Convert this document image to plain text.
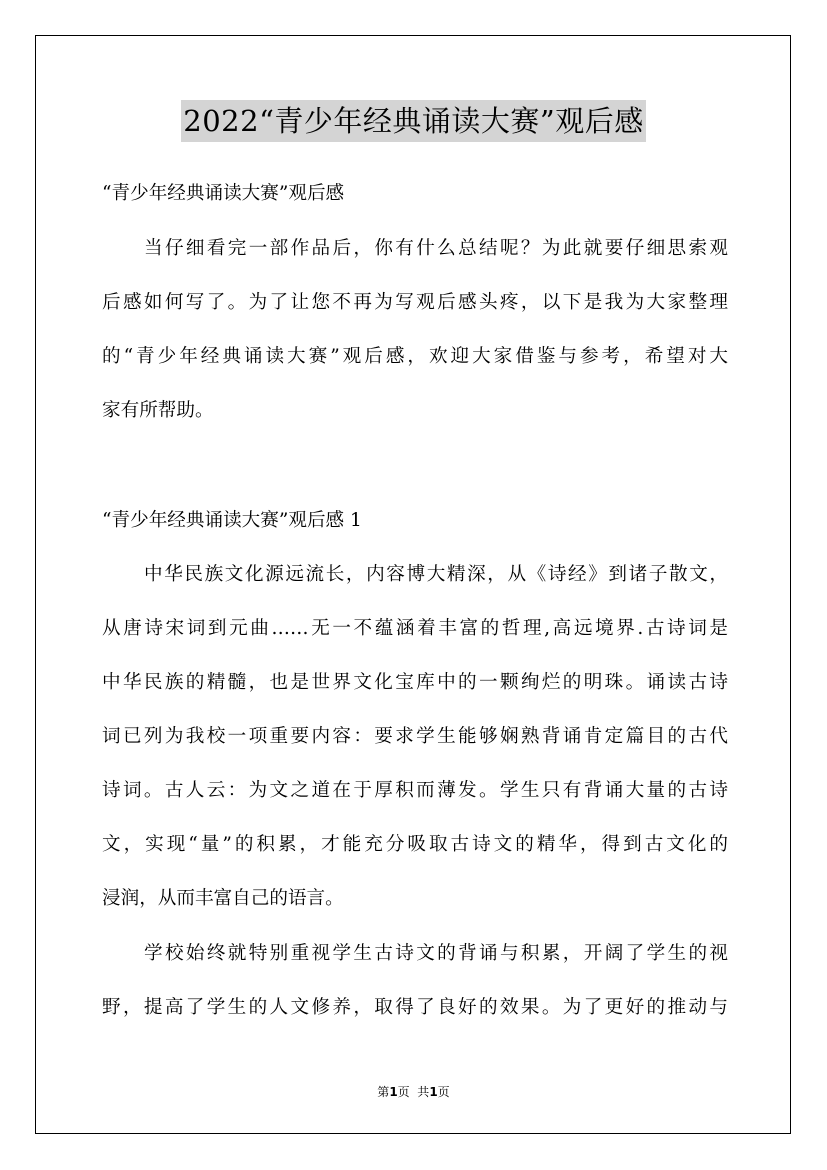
2022“青少年经典诵读大赛”观后感
“青少年经典诵读大赛”观后感
当仔细看完一部作品后，你有什么总结呢？为此就要仔细思索观
后感如何写了。为了让您不再为写观后感头疼，以下是我为大家整理
的“青少年经典诵读大赛”观后感，欢迎大家借鉴与参考，希望对大
家有所帮助。
“青少年经典诵读大赛”观后感 1
中华民族文化源远流长，内容博大精深，从《诗经》到诸子散文，
从唐诗宋词到元曲……无一不蕴涵着丰富的哲理,高远境界.古诗词是
中华民族的精髓，也是世界文化宝库中的一颗绚烂的明珠。诵读古诗
词已列为我校一项重要内容：要求学生能够娴熟背诵肯定篇目的古代
诗词。古人云：为文之道在于厚积而薄发。学生只有背诵大量的古诗
文，实现“量”的积累，才能充分吸取古诗文的精华，得到古文化的
浸润，从而丰富自己的语言。
学校始终就特别重视学生古诗文的背诵与积累，开阔了学生的视
野，提高了学生的人文修养，取得了良好的效果。为了更好的推动与
第1页  共1页
